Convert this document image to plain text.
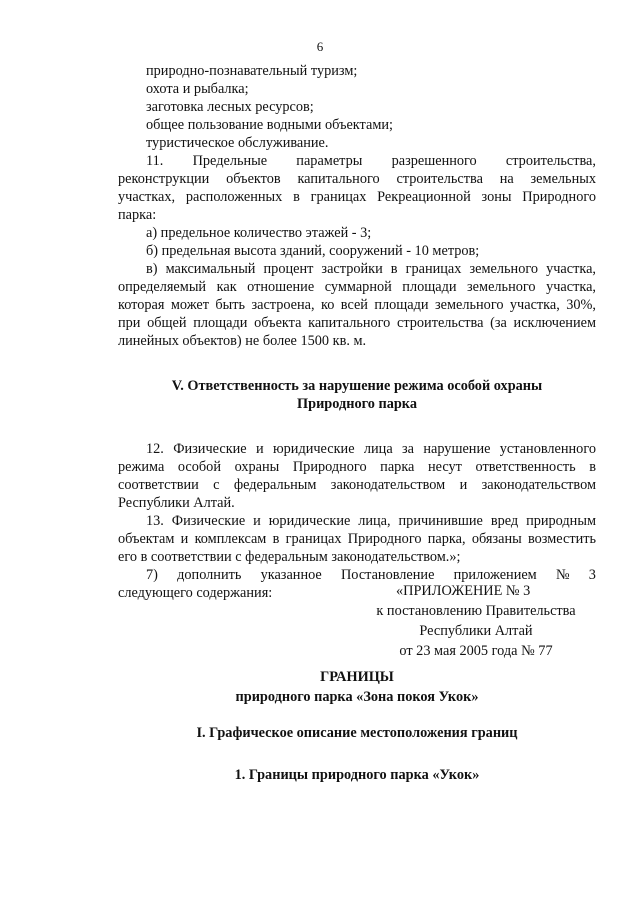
6
природно-познавательный туризм;
охота и рыбалка;
заготовка лесных ресурсов;
общее пользование водными объектами;
туристическое обслуживание.
11. Предельные параметры разрешенного строительства,
реконструкции объектов капитального строительства на земельных
участках, расположенных в границах Рекреационной зоны Природного
парка:
а) предельное количество этажей - 3;
б) предельная высота зданий, сооружений - 10 метров;
в) максимальный процент застройки в границах земельного участка,
определяемый как отношение суммарной площади земельного участка,
которая может быть застроена, ко всей площади земельного участка, 30%,
при общей площади объекта капитального строительства (за исключением
линейных объектов) не более 1500 кв. м.
V. Ответственность за нарушение режима особой охраны
Природного парка
12. Физические и юридические лица за нарушение установленного
режима особой охраны Природного парка несут ответственность в
соответствии с федеральным законодательством и законодательством
Республики Алтай.
13. Физические и юридические лица, причинившие вред природным
объектам и комплексам в границах Природного парка, обязаны возместить
его в соответствии с федеральным законодательством.»;
7) дополнить указанное Постановление приложением № 3
следующего содержания:	«ПРИЛОЖЕНИЕ № 3
к постановлению Правительства
Республики Алтай
от 23 мая 2005 года № 77
ГРАНИЦЫ
природного парка «Зона покоя Укок»
I. Графическое описание местоположения границ
1. Границы природного парка «Укок»
